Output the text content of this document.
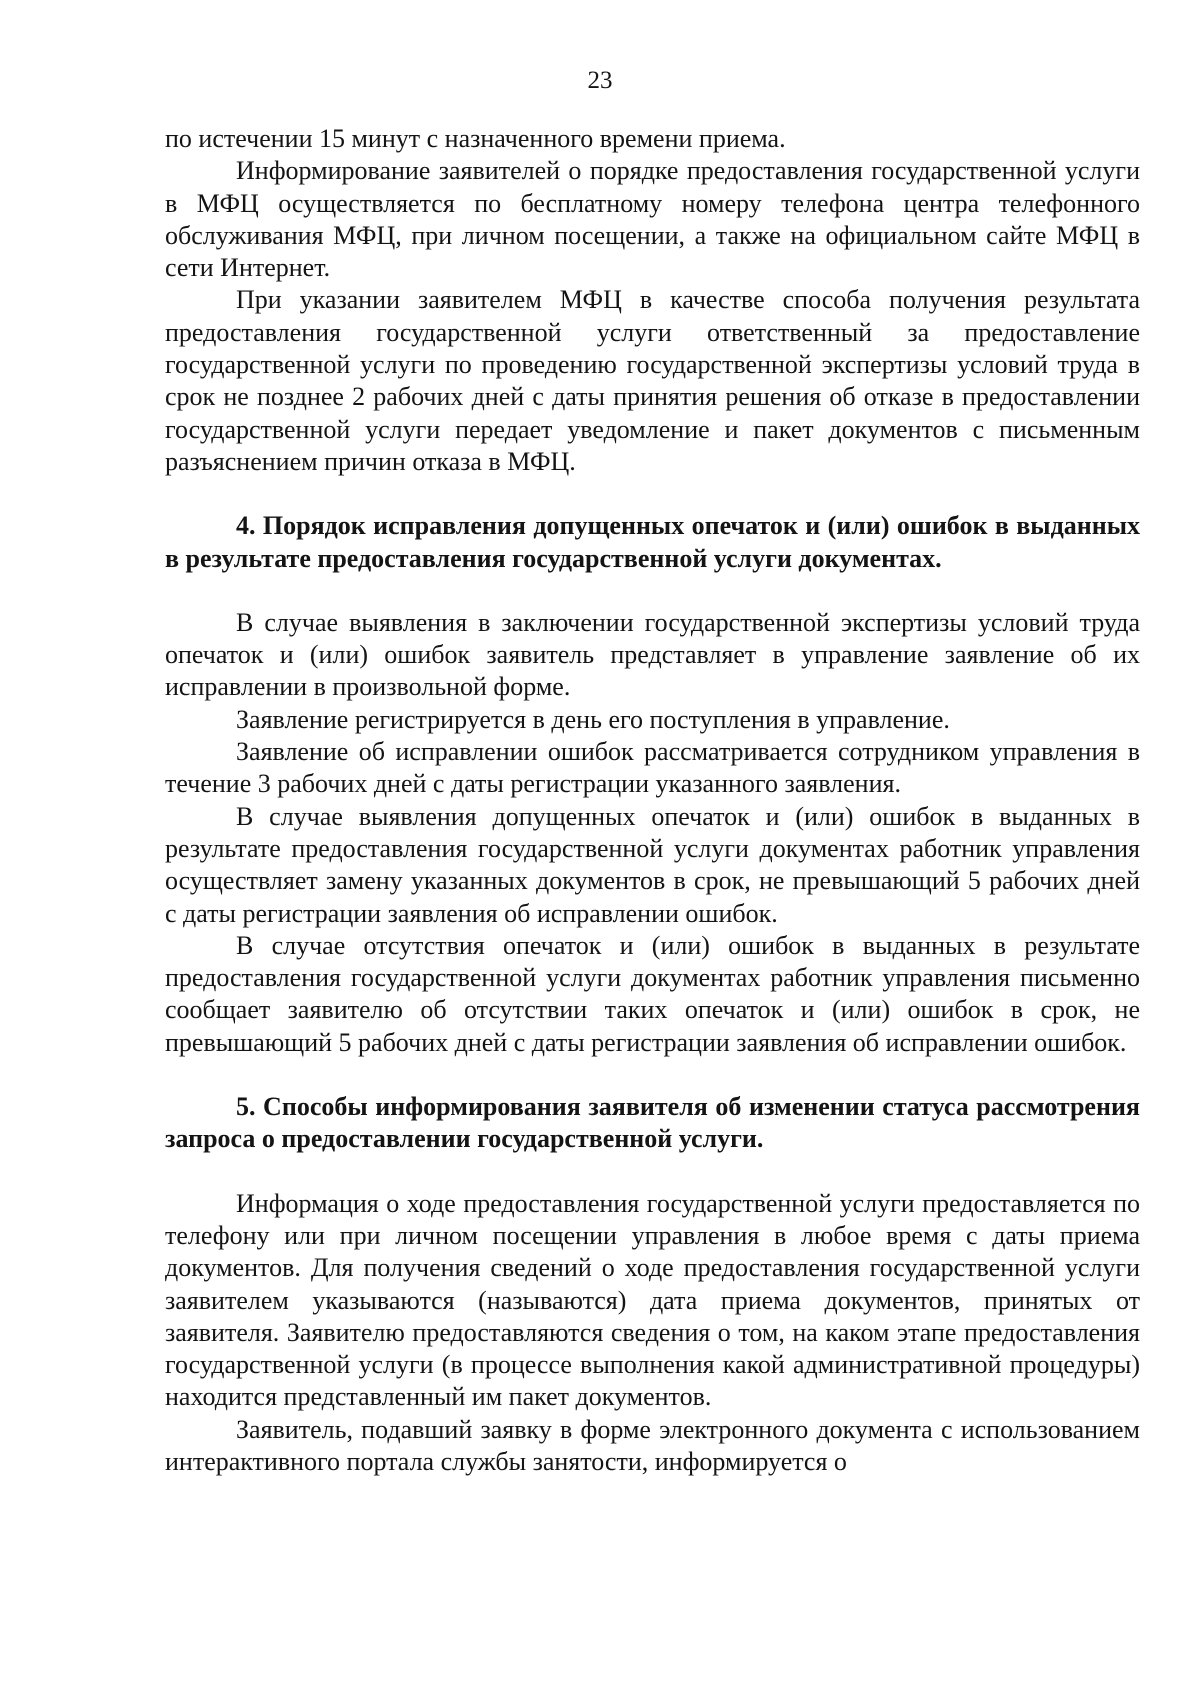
23

по истечении 15 минут с назначенного времени приема.

Информирование заявителей о порядке предоставления государственной услуги в МФЦ осуществляется по бесплатному номеру телефона центра телефонного обслуживания МФЦ, при личном посещении, а также на официальном сайте МФЦ в сети Интернет.

При указании заявителем МФЦ в качестве способа получения результата предоставления государственной услуги ответственный за предоставление государственной услуги по проведению государственной экспертизы условий труда в срок не позднее 2 рабочих дней с даты принятия решения об отказе в предоставлении государственной услуги передает уведомление и пакет документов с письменным разъяснением причин отказа в МФЦ.

4. Порядок исправления допущенных опечаток и (или) ошибок в выданных в результате предоставления государственной услуги документах.

В случае выявления в заключении государственной экспертизы условий труда опечаток и (или) ошибок заявитель представляет в управление заявление об их исправлении в произвольной форме.

Заявление регистрируется в день его поступления в управление.

Заявление об исправлении ошибок рассматривается сотрудником управления в течение 3 рабочих дней с даты регистрации указанного заявления.

В случае выявления допущенных опечаток и (или) ошибок в выданных в результате предоставления государственной услуги документах работник управления осуществляет замену указанных документов в срок, не превышающий 5 рабочих дней с даты регистрации заявления об исправлении ошибок.

В случае отсутствия опечаток и (или) ошибок в выданных в результате предоставления государственной услуги документах работник управления письменно сообщает заявителю об отсутствии таких опечаток и (или) ошибок в срок, не превышающий 5 рабочих дней с даты регистрации заявления об исправлении ошибок.

5. Способы информирования заявителя об изменении статуса рассмотрения запроса о предоставлении государственной услуги.

Информация о ходе предоставления государственной услуги предоставляется по телефону или при личном посещении управления в любое время с даты приема документов. Для получения сведений о ходе предоставления государственной услуги заявителем указываются (называются) дата приема документов, принятых от заявителя. Заявителю предоставляются сведения о том, на каком этапе предоставления государственной услуги (в процессе выполнения какой административной процедуры) находится представленный им пакет документов.

Заявитель, подавший заявку в форме электронного документа с использованием интерактивного портала службы занятости, информируется о
